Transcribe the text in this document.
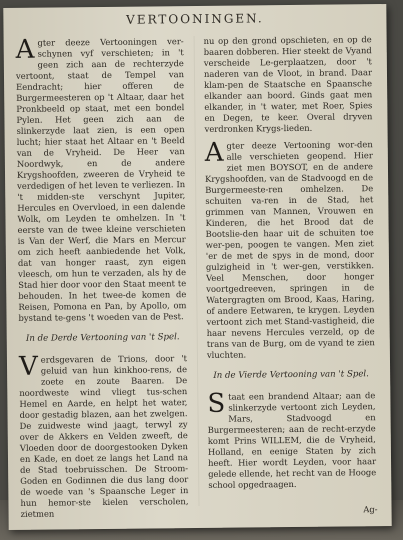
VERTOONINGEN.

Agter deeze Vertooningen ver-schynen vyf verschieten; in 't geen zich aan de rechterzyde vertoont, staat de Tempel van Eendracht; hier offeren de Burgermeesteren op 't Altaar, daar het Pronkbeeld op staat, met een bondel Pylen. Het geen zich aan de slinkerzyde laat zien, is een open lucht; hier staat het Altaar en 't Beeld van de Vryheid. De Heer van Noordwyk, en de andere Krygshoofden, zweeren de Vryheid te verdedigen of het leven te verliezen. In 't midden-ste verschynt Jupiter, Hercules en Overvloed, in een dalende Wolk, om Leyden te omhelzen. In 't eerste van de twee kleine verschieten is Van der Werf, die Mars en Mercur om zich heeft aanbiedende het Volk, dat van honger raast, zyn eigen vleesch, om hun te verzaden, als hy de Stad hier door voor den Staat meent te behouden. In het twee-de komen de Reisen, Pomona en Pan, by Apollo, om bystand te-gens 't woeden van de Pest.

In de Derde Vertooning van 't Spel.

Verdsgevaren de Trions, door 't geluid van hun kinkhoo-rens, de zoete en zoute Baaren. De noordweste wind vliegt tus-schen Hemel en Aarde, en helpt het water, door gestadig blazen, aan het zwelgen. De zuidweste wind jaagt, terwyl zy over de Akkers en Velden zweeft, de Vloeden door de doorgestooken Dyken en Kade, en doet ze langs het Land na de Stad toebruisschen. De Stroom-Goden en Godinnen die dus lang door de woede van 's Spaansche Leger in hun hemor-ste kielen verscholen, zietmen

nu op den grond opschieten, en op de baaren dobberen. Hier steekt de Vyand verscheide Le-gerplaatzen, door 't naderen van de Vloot, in brand. Daar klam-pen de Staatsche en Spaansche elkander aan boord. Ginds gaat men elkander, in 't water, met Roer, Spies en Degen, te keer. Overal dryven verdronken Krygs-lieden.

Agter deeze Vertooning wor-den alle verschieten geopend. Hier ziet men BOYSOT, en de andere Krygshoofden, van de Stadvoogd en de Burgermeeste-ren omhelzen. De schuiten va-ren in de Stad, het grimmen van Mannen, Vrouwen en Kinderen, die het Brood dat de Bootslie-den haar uit de schuiten toe wer-pen, poogen te vangen. Men ziet 'er de met de spys in de mond, door gulzigheid in 't wer-gen, verstikken. Veel Menschen, door honger voortgedreeven, springen in de Watergragten om Brood, Kaas, Haring, of andere Eetwaren, te krygen. Leyden vertoont zich met Stand-vastigheid, die haar nevens Hercules verzeld, op de trans van de Burg, om de vyand te zien vluchten.

In de Vierde Vertooning van 't Spel.

Staat een brandend Altaar; aan de slinkerzyde vertoont zich Leyden, Mars, Stadvoogd en Burgermeesteren; aan de recht-erzyde komt Prins WILLEM, die de Vryheid, Holland, en eenige Staten by zich heeft. Hier wordt Leyden, voor haar gelede ellende, het recht van de Hooge school opgedraagen.

Ag-
